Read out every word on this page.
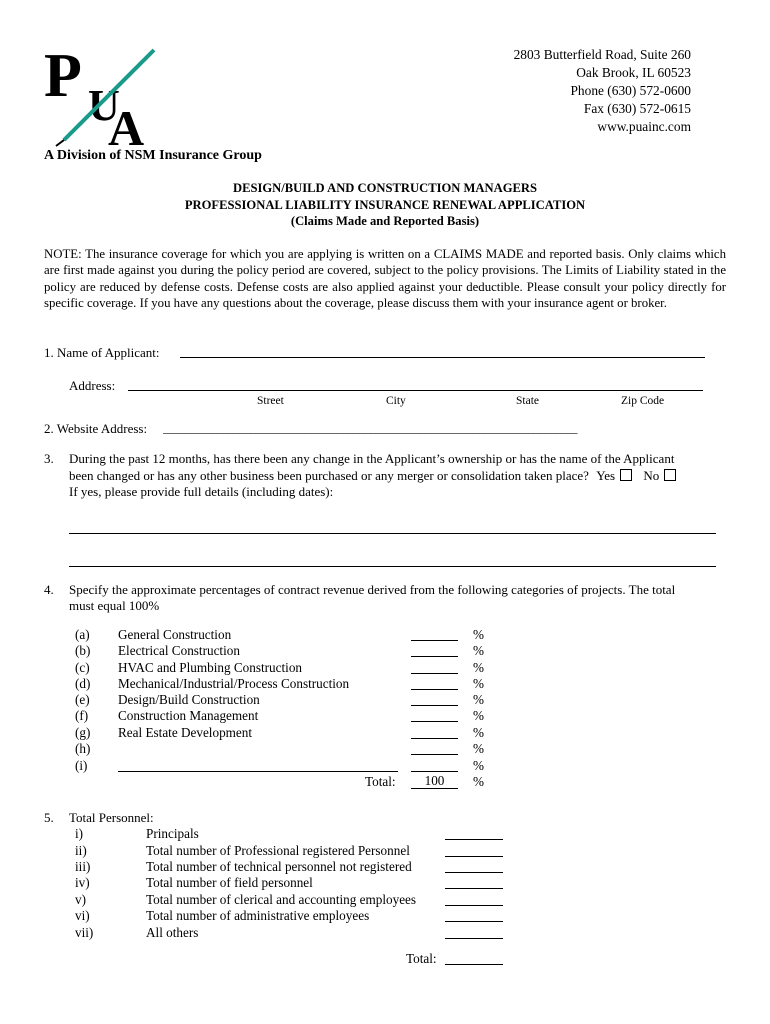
P U
A
2803 Butterfield Road, Suite 260
Oak Brook, IL 60523
Phone (630) 572-0600
Fax (630) 572-0615
www.puainc.com
A Division of NSM Insurance Group
DESIGN/BUILD AND CONSTRUCTION MANAGERS
PROFESSIONAL LIABILITY INSURANCE RENEWAL APPLICATION
(Claims Made and Reported Basis)
NOTE: The insurance coverage for which you are applying is written on a CLAIMS MADE and reported basis. Only claims which are first made against you during the policy period are covered, subject to the policy provisions. The Limits of Liability stated in the policy are reduced by defense costs. Defense costs are also applied against your deductible. Please consult your policy directly for specific coverage. If you have any questions about the coverage, please discuss them with your insurance agent or broker.
1. Name of Applicant:
Address:
Street	City	State	Zip Code
2. Website Address: ____________________________________________________________________________
3. During the past 12 months, has there been any change in the Applicant’s ownership or has the name of the Applicant
been changed or has any other business been purchased or any merger or consolidation taken place? Yes No
If yes, please provide full details (including dates):
4. Specify the approximate percentages of contract revenue derived from the following categories of projects. The total
must equal 100%
(a) General Construction	%
(b) Electrical Construction	%
(c) HVAC and Plumbing Construction	%
(d) Mechanical/Industrial/Process Construction	%
(e) Design/Build Construction	%
(f) Construction Management	%
(g) Real Estate Development	%
(h)	%
(i)	%
Total:	100	%
5. Total Personnel:
i)	Principals
ii)	Total number of Professional registered Personnel
iii)	Total number of technical personnel not registered
iv)	Total number of field personnel
v)	Total number of clerical and accounting employees
vi)	Total number of administrative employees
vii)	All others
Total:
